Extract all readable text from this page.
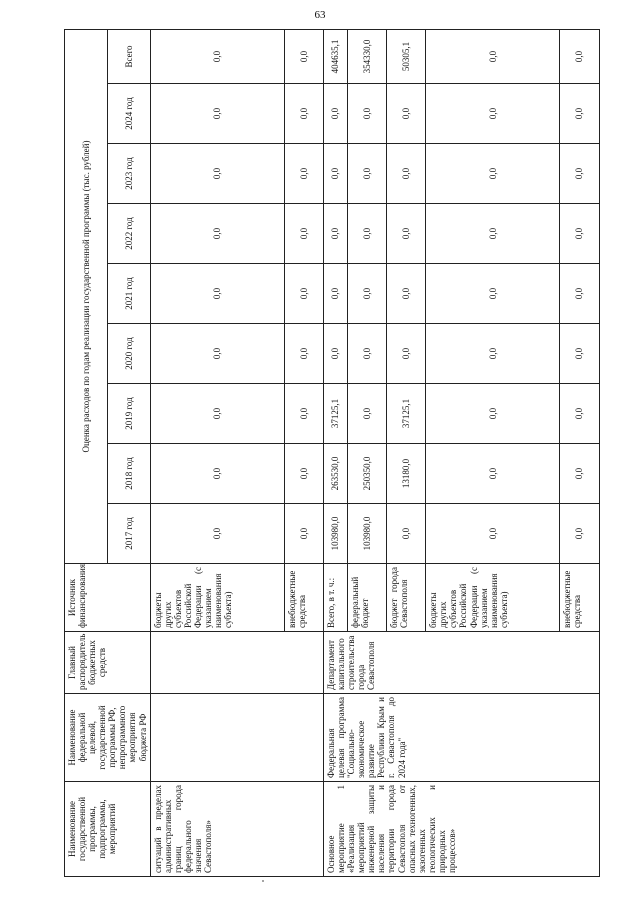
63
Наименование государственной программы, подпрограммы, мероприятий	Наименование федеральной целевой, государственной программы РФ, непрограммного мероприятия бюджета РФ	Главный распорядитель бюджетных средств	Источник финансирования	Оценка расходов по годам реализации государственной программы (тыс. рублей)								
				2017 год	2018 год	2019 год	2020 год	2021 год	2022 год	2023 год	2024 год	Всего
ситуаций в пределах административных границ города федерального значения Севастополя»			бюджеты других субъектов Российской Федерации (с указанием наименования субъекта)	0,0	0,0	0,0	0,0	0,0	0,0	0,0	0,0	0,0
			внебюджетные средства	0,0	0,0	0,0	0,0	0,0	0,0	0,0	0,0	0,0
Основное мероприятие 1 «Реализация мероприятий инженерной защиты населения и территории города Севастополя от опасных техногенных, экзогенных геологических и природных процессов»	Федеральная целевая программа "Социально-экономическое развитие Республики Крым и г. Севастополя до 2024 года"	Департамент капитального строительства города Севастополя	Всего, в т. ч.:	103980,0	263530,0	37125,1	0,0	0,0	0,0	0,0	0,0	404635,1
			федеральный бюджет	103980,0	250350,0	0,0	0,0	0,0	0,0	0,0	0,0	354330,0
			бюджет города Севастополя	0,0	13180,0	37125,1	0,0	0,0	0,0	0,0	0,0	50305,1
			бюджеты других субъектов Российской Федерации (с указанием наименования субъекта)	0,0	0,0	0,0	0,0	0,0	0,0	0,0	0,0	0,0
			внебюджетные средства	0,0	0,0	0,0	0,0	0,0	0,0	0,0	0,0	0,0
